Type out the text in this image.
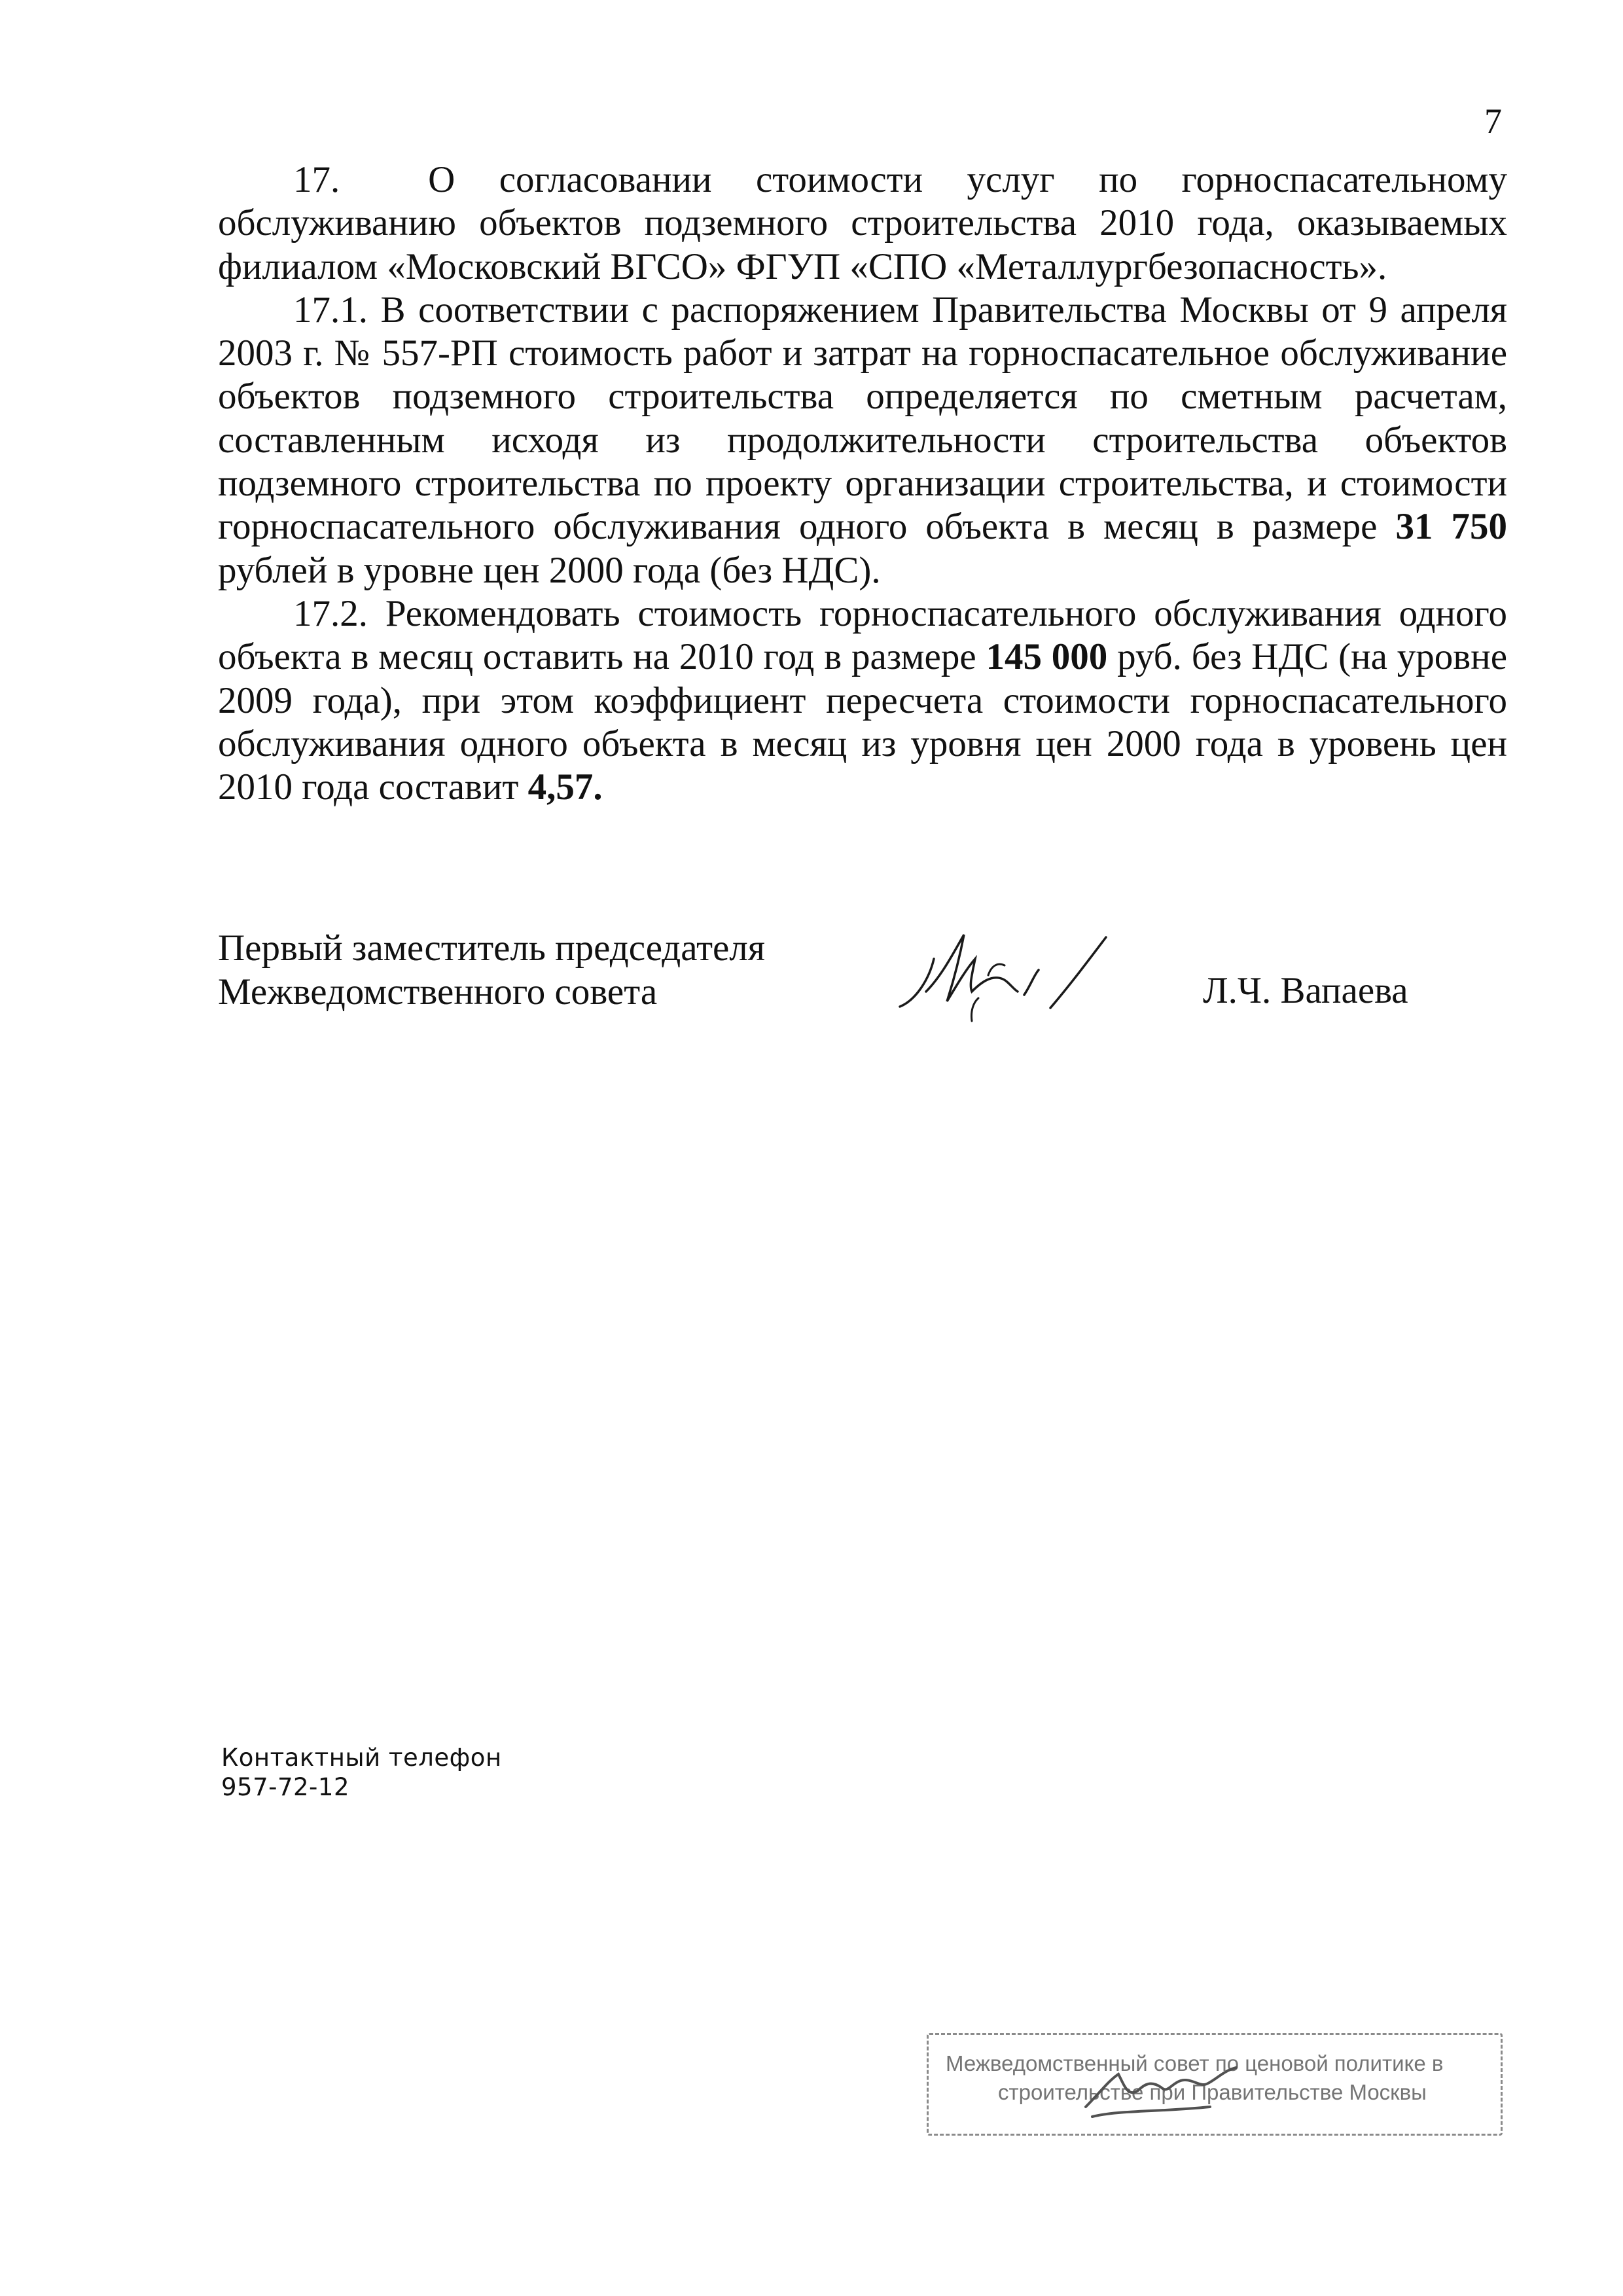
7

17.  О согласовании стоимости услуг по горноспасательному обслуживанию объектов подземного строительства 2010 года, оказываемых филиалом «Московский ВГСО» ФГУП «СПО «Металлургбезопасность».

17.1. В соответствии с распоряжением Правительства Москвы от 9 апреля 2003 г. № 557-РП стоимость работ и затрат на горноспасательное обслуживание объектов подземного строительства определяется по сметным расчетам, составленным исходя из продолжительности строительства объектов подземного строительства по проекту организации строительства, и стоимости горноспасательного обслуживания одного объекта в месяц в размере 31 750 рублей в уровне цен 2000 года (без НДС).

17.2. Рекомендовать стоимость горноспасательного обслуживания одного объекта в месяц оставить на 2010 год в размере 145 000 руб. без НДС (на уровне 2009 года), при этом коэффициент пересчета стоимости горноспасательного обслуживания одного объекта в месяц из уровня цен 2000 года в уровень цен 2010 года составит 4,57.

Первый заместитель председателя
Межведомственного совета	Л.Ч. Вапаева
Контактный телефон
957-72-12
Межведомственный совет по ценовой политике в
строительстве при Правительстве Москвы
